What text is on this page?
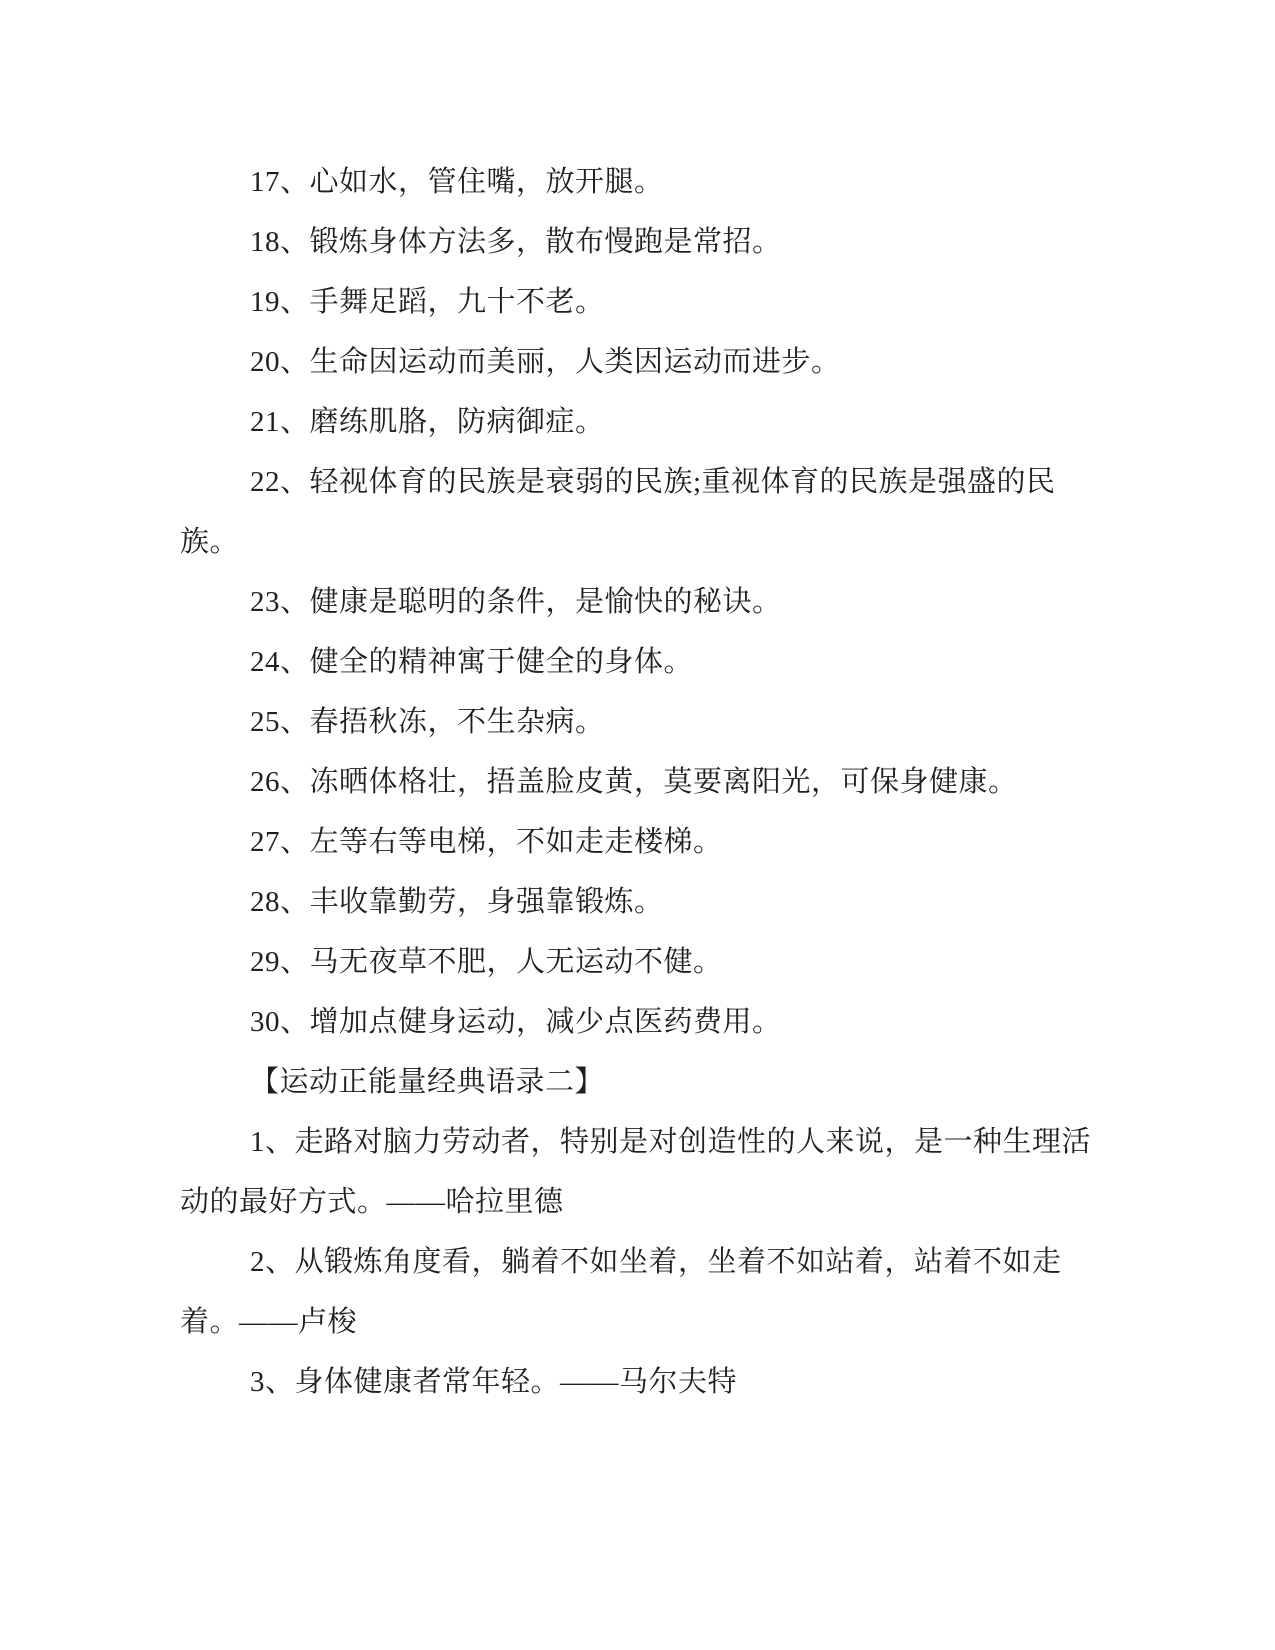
17、心如水，管住嘴，放开腿。

18、锻炼身体方法多，散布慢跑是常招。

19、手舞足蹈，九十不老。

20、生命因运动而美丽，人类因运动而进步。

21、磨练肌胳，防病御症。

22、轻视体育的民族是衰弱的民族;重视体育的民族是强盛的民族。

23、健康是聪明的条件，是愉快的秘诀。

24、健全的精神寓于健全的身体。

25、春捂秋冻，不生杂病。

26、冻晒体格壮，捂盖脸皮黄，莫要离阳光，可保身健康。

27、左等右等电梯，不如走走楼梯。

28、丰收靠勤劳，身强靠锻炼。

29、马无夜草不肥，人无运动不健。

30、增加点健身运动，减少点医药费用。

【运动正能量经典语录二】

1、走路对脑力劳动者，特别是对创造性的人来说，是一种生理活动的最好方式。——哈拉里德

2、从锻炼角度看，躺着不如坐着，坐着不如站着，站着不如走着。——卢梭

3、身体健康者常年轻。——马尔夫特
